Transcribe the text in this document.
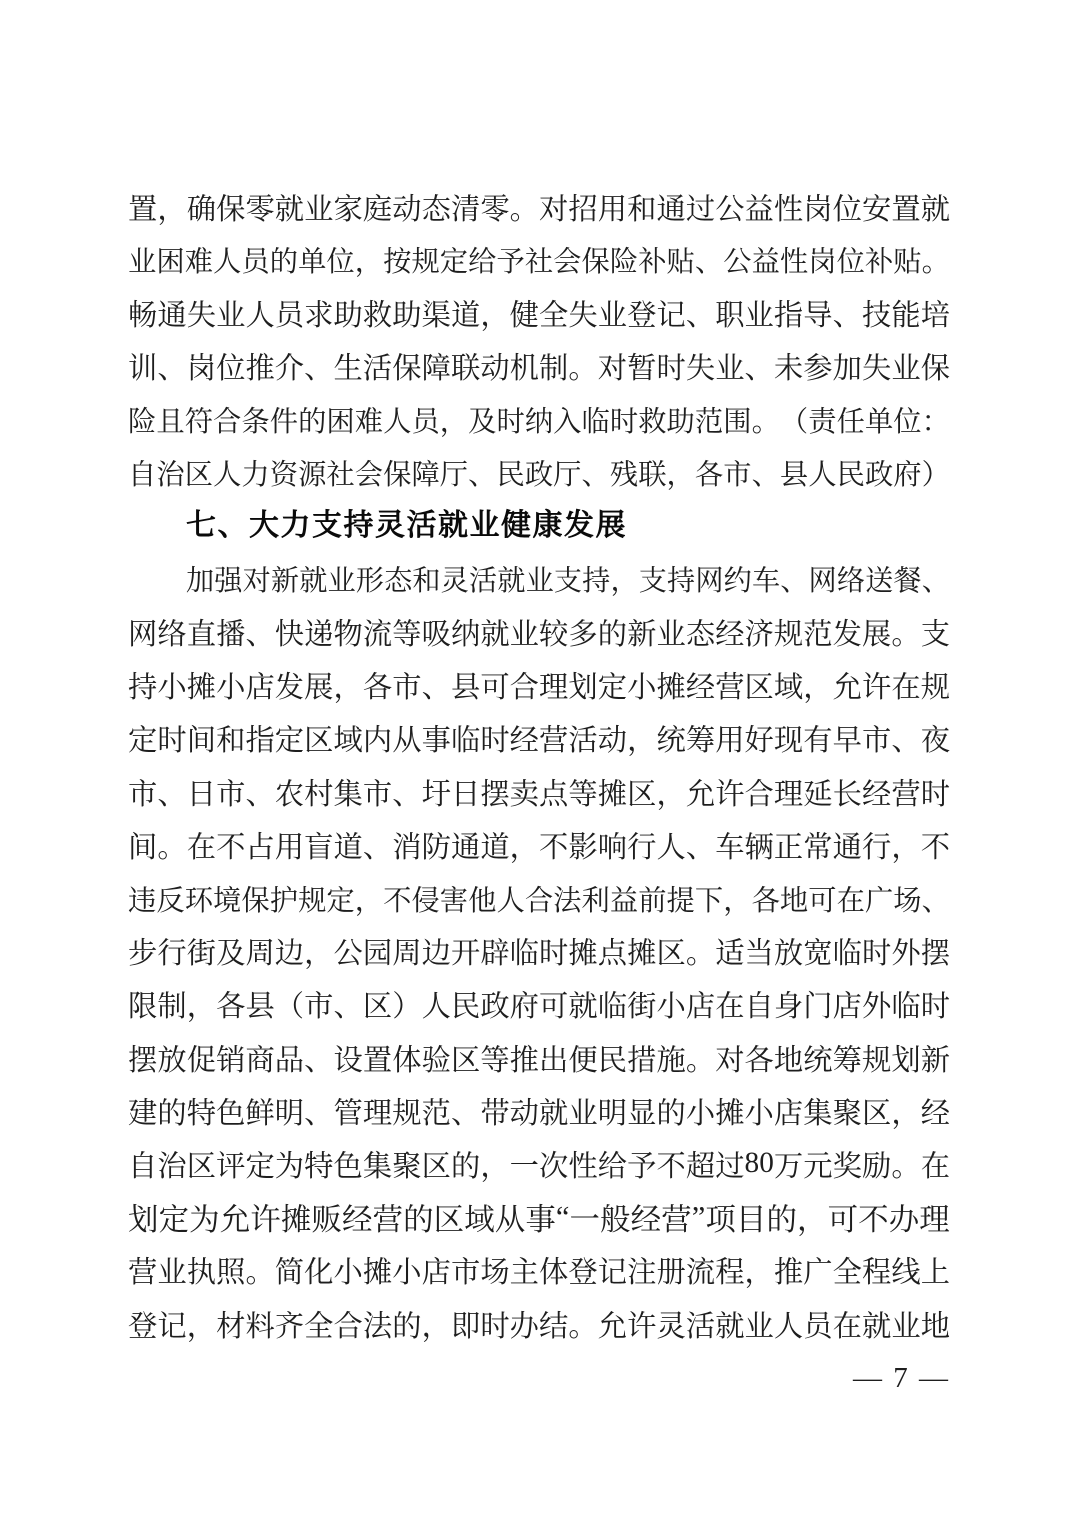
置 ， 确 保 零 就 业 家 庭 动 态 清 零 。 对 招 用 和 通 过 公 益 性 岗 位 安 置 就
业 困 难 人 员 的 单 位 ， 按 规 定 给 予 社 会 保 险 补 贴 、 公 益 性 岗 位 补 贴 。
畅 通 失 业 人 员 求 助 救 助 渠 道 ， 健 全 失 业 登 记 、 职 业 指 导 、 技 能 培
训 、 岗 位 推 介 、 生 活 保 障 联 动 机 制 。 对 暂 时 失 业 、 未 参 加 失 业 保
险 且 符 合 条 件 的 困 难 人 员 ， 及 时 纳 入 临 时 救 助 范 围 。 （ 责 任 单 位 ：
自 治 区 人 力 资 源 社 会 保 障 厅 、 民 政 厅 、 残 联 ， 各 市 、 县 人 民 政 府 ）
七、大力支持灵活就业健康发展
加 强 对 新 就 业 形 态 和 灵 活 就 业 支 持 ， 支 持 网 约 车 、 网 络 送 餐 、
网 络 直 播 、 快 递 物 流 等 吸 纳 就 业 较 多 的 新 业 态 经 济 规 范 发 展 。 支
持 小 摊 小 店 发 展 ， 各 市 、 县 可 合 理 划 定 小 摊 经 营 区 域 ， 允 许 在 规
定 时 间 和 指 定 区 域 内 从 事 临 时 经 营 活 动 ， 统 筹 用 好 现 有 早 市 、 夜
市 、 日 市 、 农 村 集 市 、 圩 日 摆 卖 点 等 摊 区 ， 允 许 合 理 延 长 经 营 时
间 。 在 不 占 用 盲 道 、 消 防 通 道 ， 不 影 响 行 人 、 车 辆 正 常 通 行 ， 不
违 反 环 境 保 护 规 定 ， 不 侵 害 他 人 合 法 利 益 前 提 下 ， 各 地 可 在 广 场 、
步 行 街 及 周 边 ， 公 园 周 边 开 辟 临 时 摊 点 摊 区 。 适 当 放 宽 临 时 外 摆
限 制 ， 各 县 （ 市 、 区 ） 人 民 政 府 可 就 临 街 小 店 在 自 身 门 店 外 临 时
摆 放 促 销 商 品 、 设 置 体 验 区 等 推 出 便 民 措 施 。 对 各 地 统 筹 规 划 新
建 的 特 色 鲜 明 、 管 理 规 范 、 带 动 就 业 明 显 的 小 摊 小 店 集 聚 区 ， 经
自 治 区 评 定 为 特 色 集 聚 区 的 ， 一 次 性 给 予 不 超 过 80 万 元 奖 励 。 在
划 定 为 允 许 摊 贩 经 营 的 区 域 从 事 “ 一 般 经 营 ” 项 目 的 ， 可 不 办 理
营 业 执 照 。 简 化 小 摊 小 店 市 场 主 体 登 记 注 册 流 程 ， 推 广 全 程 线 上
登 记 ， 材 料 齐 全 合 法 的 ， 即 时 办 结 。 允 许 灵 活 就 业 人 员 在 就 业 地
— 7 —
